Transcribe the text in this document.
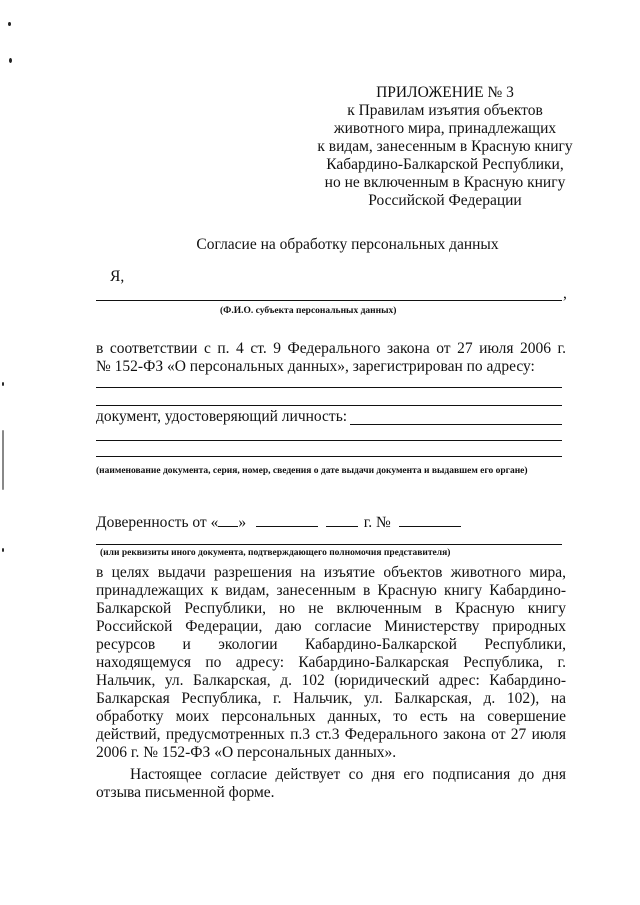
ПРИЛОЖЕНИЕ № 3
к Правилам изъятия объектов
животного мира, принадлежащих
к видам, занесенным в Красную книгу
Кабардино-Балкарской Республики,
но не включенным в Красную книгу
Российской Федерации
Согласие на обработку персональных данных
Я,
,
(Ф.И.О. субъекта персональных данных)
в соответствии с п. 4 ст. 9 Федерального закона от 27 июля 2006 г.
№ 152-ФЗ «О персональных данных», зарегистрирован по адресу:
документ, удостоверяющий личность:
(наименование документа, серия, номер, сведения о дате выдачи документа и выдавшем его органе)
Доверенность от « »	г. №
(или реквизиты иного документа, подтверждающего полномочия представителя)

в целях выдачи разрешения на изъятие объектов животного мира, принадлежащих к видам, занесенным в Красную книгу Кабардино-Балкарской Республики, но не включенным в Красную книгу Российской Федерации, даю согласие Министерству природных ресурсов и экологии Кабардино-Балкарской Республики, находящемуся по адресу: Кабардино-Балкарская Республика, г. Нальчик, ул. Балкарская, д. 102 (юридический адрес: Кабардино-Балкарская Республика, г. Нальчик, ул. Балкарская, д. 102), на обработку моих персональных данных, то есть на совершение действий, предусмотренных п.3 ст.3 Федерального закона от 27 июля 2006 г. № 152-ФЗ «О персональных данных».

Настоящее согласие действует со дня его подписания до дня отзыва письменной форме.
